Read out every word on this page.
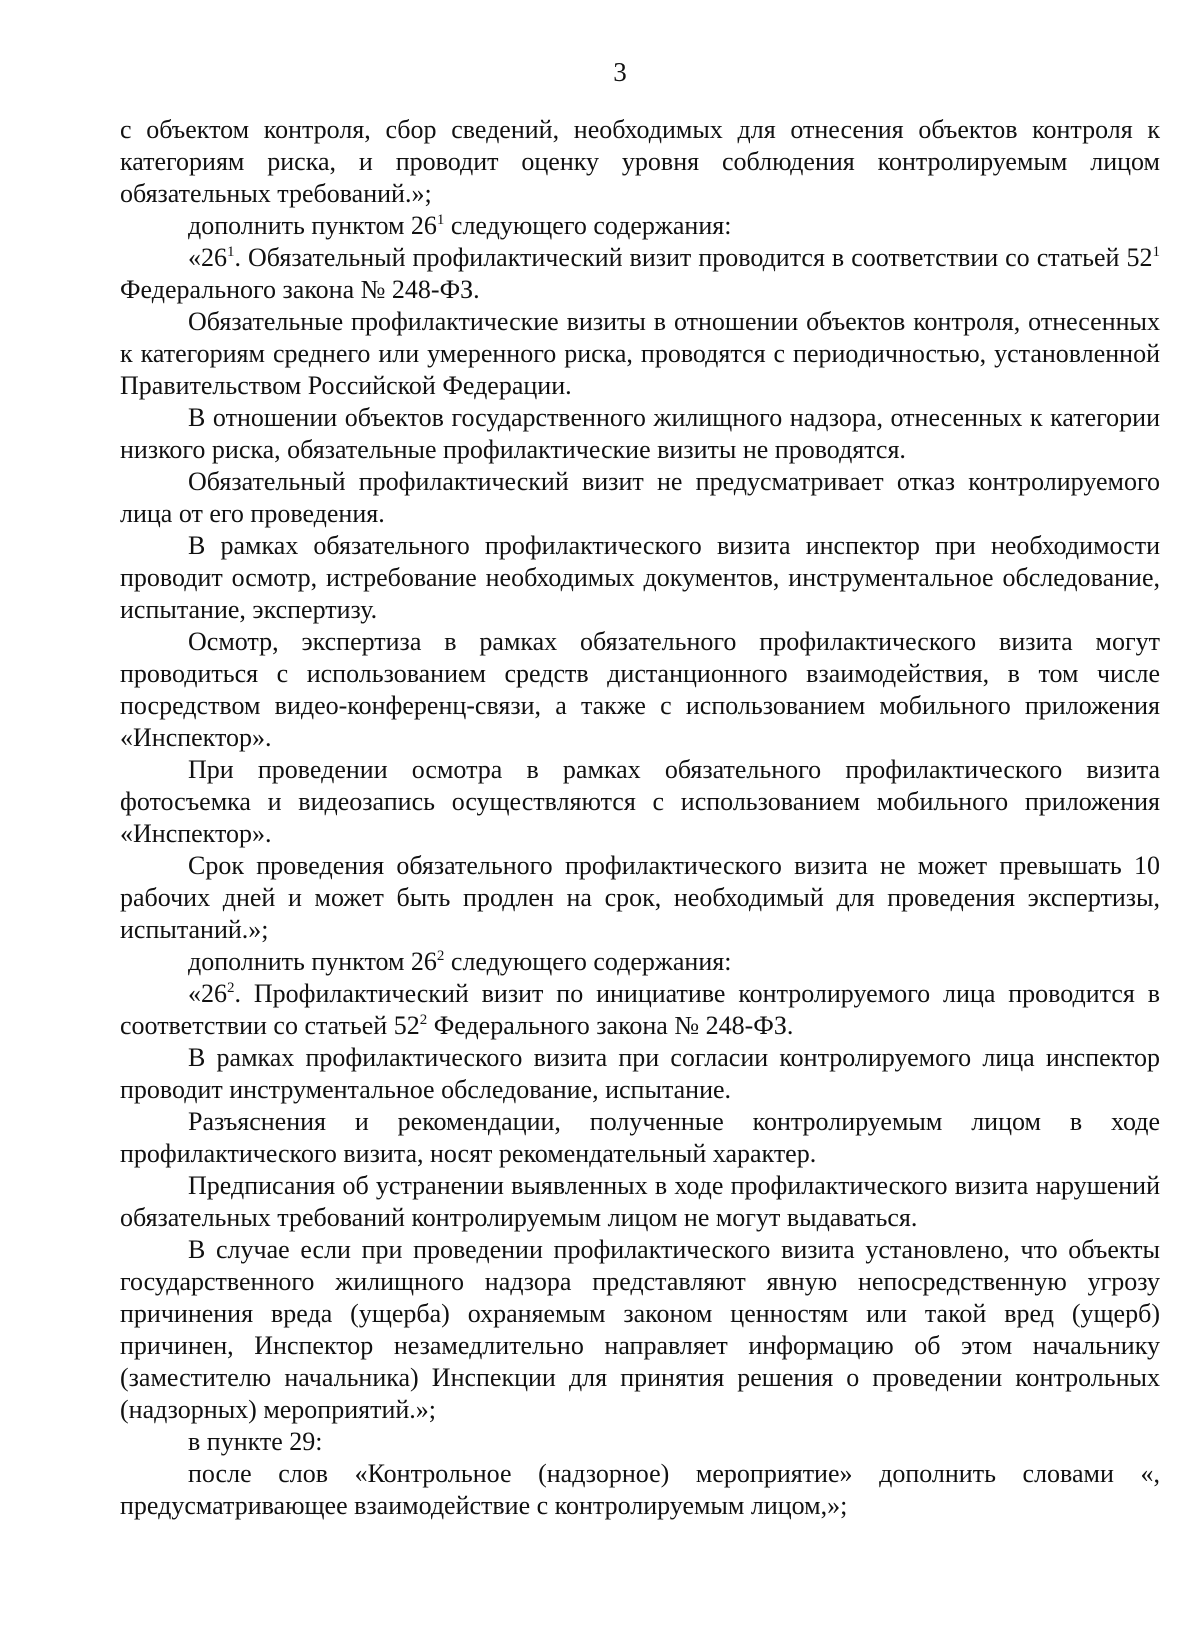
3

с объектом контроля, сбор сведений, необходимых для отнесения объектов контроля к категориям риска, и проводит оценку уровня соблюдения контролируемым лицом обязательных требований.»;

дополнить пунктом $26^1$ следующего содержания:

«$26^1$. Обязательный профилактический визит проводится в соответствии со статьей $52^1$ Федерального закона № 248-ФЗ.

Обязательные профилактические визиты в отношении объектов контроля, отнесенных к категориям среднего или умеренного риска, проводятся с периодичностью, установленной Правительством Российской Федерации.

В отношении объектов государственного жилищного надзора, отнесенных к категории низкого риска, обязательные профилактические визиты не проводятся.

Обязательный профилактический визит не предусматривает отказ контролируемого лица от его проведения.

В рамках обязательного профилактического визита инспектор при необходимости проводит осмотр, истребование необходимых документов, инструментальное обследование, испытание, экспертизу.

Осмотр, экспертиза в рамках обязательного профилактического визита могут проводиться с использованием средств дистанционного взаимодействия, в том числе посредством видео-конференц-связи, а также с использованием мобильного приложения «Инспектор».

При проведении осмотра в рамках обязательного профилактического визита фотосъемка и видеозапись осуществляются с использованием мобильного приложения «Инспектор».

Срок проведения обязательного профилактического визита не может превышать 10 рабочих дней и может быть продлен на срок, необходимый для проведения экспертизы, испытаний.»;

дополнить пунктом $26^2$ следующего содержания:

«$26^2$. Профилактический визит по инициативе контролируемого лица проводится в соответствии со статьей $52^2$ Федерального закона № 248-ФЗ.

В рамках профилактического визита при согласии контролируемого лица инспектор проводит инструментальное обследование, испытание.

Разъяснения и рекомендации, полученные контролируемым лицом в ходе профилактического визита, носят рекомендательный характер.

Предписания об устранении выявленных в ходе профилактического визита нарушений обязательных требований контролируемым лицом не могут выдаваться.

В случае если при проведении профилактического визита установлено, что объекты государственного жилищного надзора представляют явную непосредственную угрозу причинения вреда (ущерба) охраняемым законом ценностям или такой вред (ущерб) причинен, Инспектор незамедлительно направляет информацию об этом начальнику (заместителю начальника) Инспекции для принятия решения о проведении контрольных (надзорных) мероприятий.»;

в пункте 29:

после слов «Контрольное (надзорное) мероприятие» дополнить словами «, предусматривающее взаимодействие с контролируемым лицом,»;
